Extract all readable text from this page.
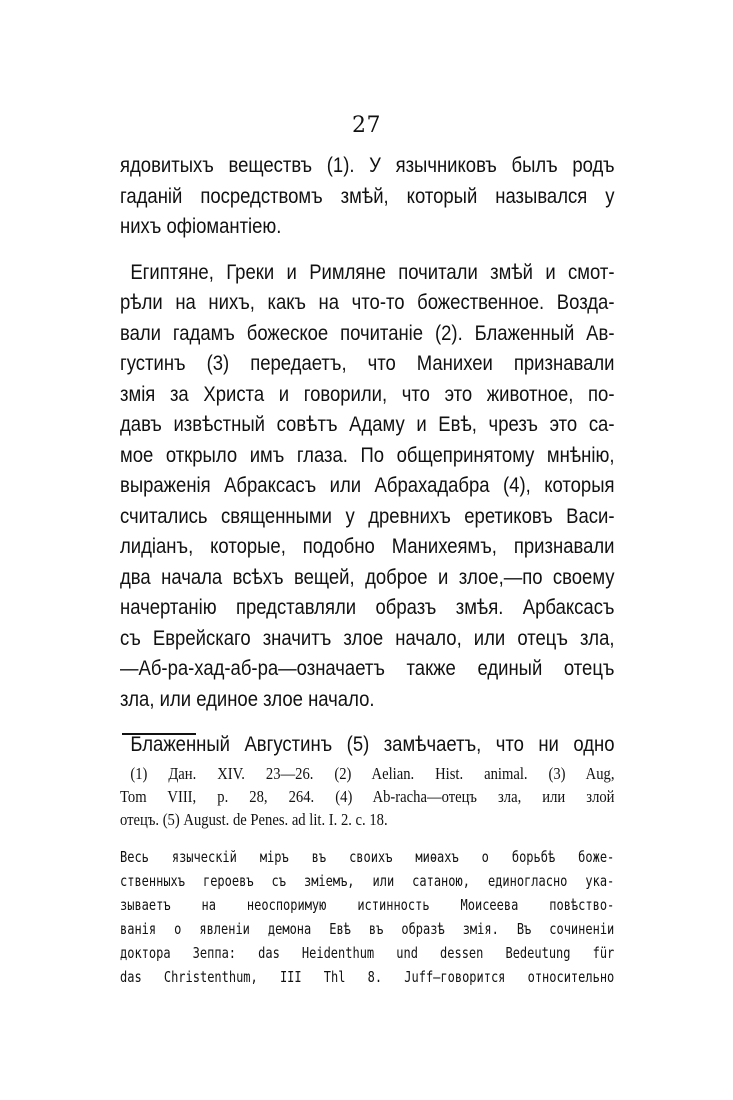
27
ядовитыхъ веществъ (1). У язычниковъ былъ родъ
гаданій посредствомъ змѣй, который назывался у
нихъ офіомантіею.
Египтяне, Греки и Римляне почитали змѣй и смот-
рѣли на нихъ, какъ на что-то божественное. Возда-
вали гадамъ божеское почитаніе (2). Блаженный Ав-
густинъ (3) передаетъ, что Манихеи признавали
змія за Христа и говорили, что это животное, по-
давъ извѣстный совѣтъ Адаму и Евѣ, чрезъ это са-
мое открыло имъ глаза. По общепринятому мнѣнію,
выраженія Абраксасъ или Абрахадабра (4), которыя
считались священными у древнихъ еретиковъ Васи-
лидіанъ, которые, подобно Манихеямъ, признавали
два начала всѣхъ вещей, доброе и злое,—по своему
начертанію представляли образъ змѣя. Арбаксасъ
съ Еврейскаго значитъ злое начало, или отецъ зла,
—Аб-ра-хад-аб-ра—означаетъ также единый отецъ
зла, или единое злое начало.
Блаженный Августинъ (5) замѣчаетъ, что ни одно
(1) Дан. XIV. 23—26. (2) Aelian. Hist. animal. (3) Aug,
Tom VIII, p. 28, 264. (4) Ab-racha—отецъ зла, или злой
отецъ. (5) August. de Penes. ad lit. I. 2. c. 18.
Весь языческій міръ въ своихъ миѳахъ о борьбѣ боже-
ственныхъ героевъ съ зміемъ, или сатаною, единогласно ука-
зываетъ на неоспоримую истинность Моисеева повѣствo-
ванія о явленіи демона Евѣ въ образѣ змія. Въ сочиненіи
доктора Зеппа: das Heidenthum und dessen Bedeutung für
das Christenthum, III Thl 8. Juff—говорится относительно
